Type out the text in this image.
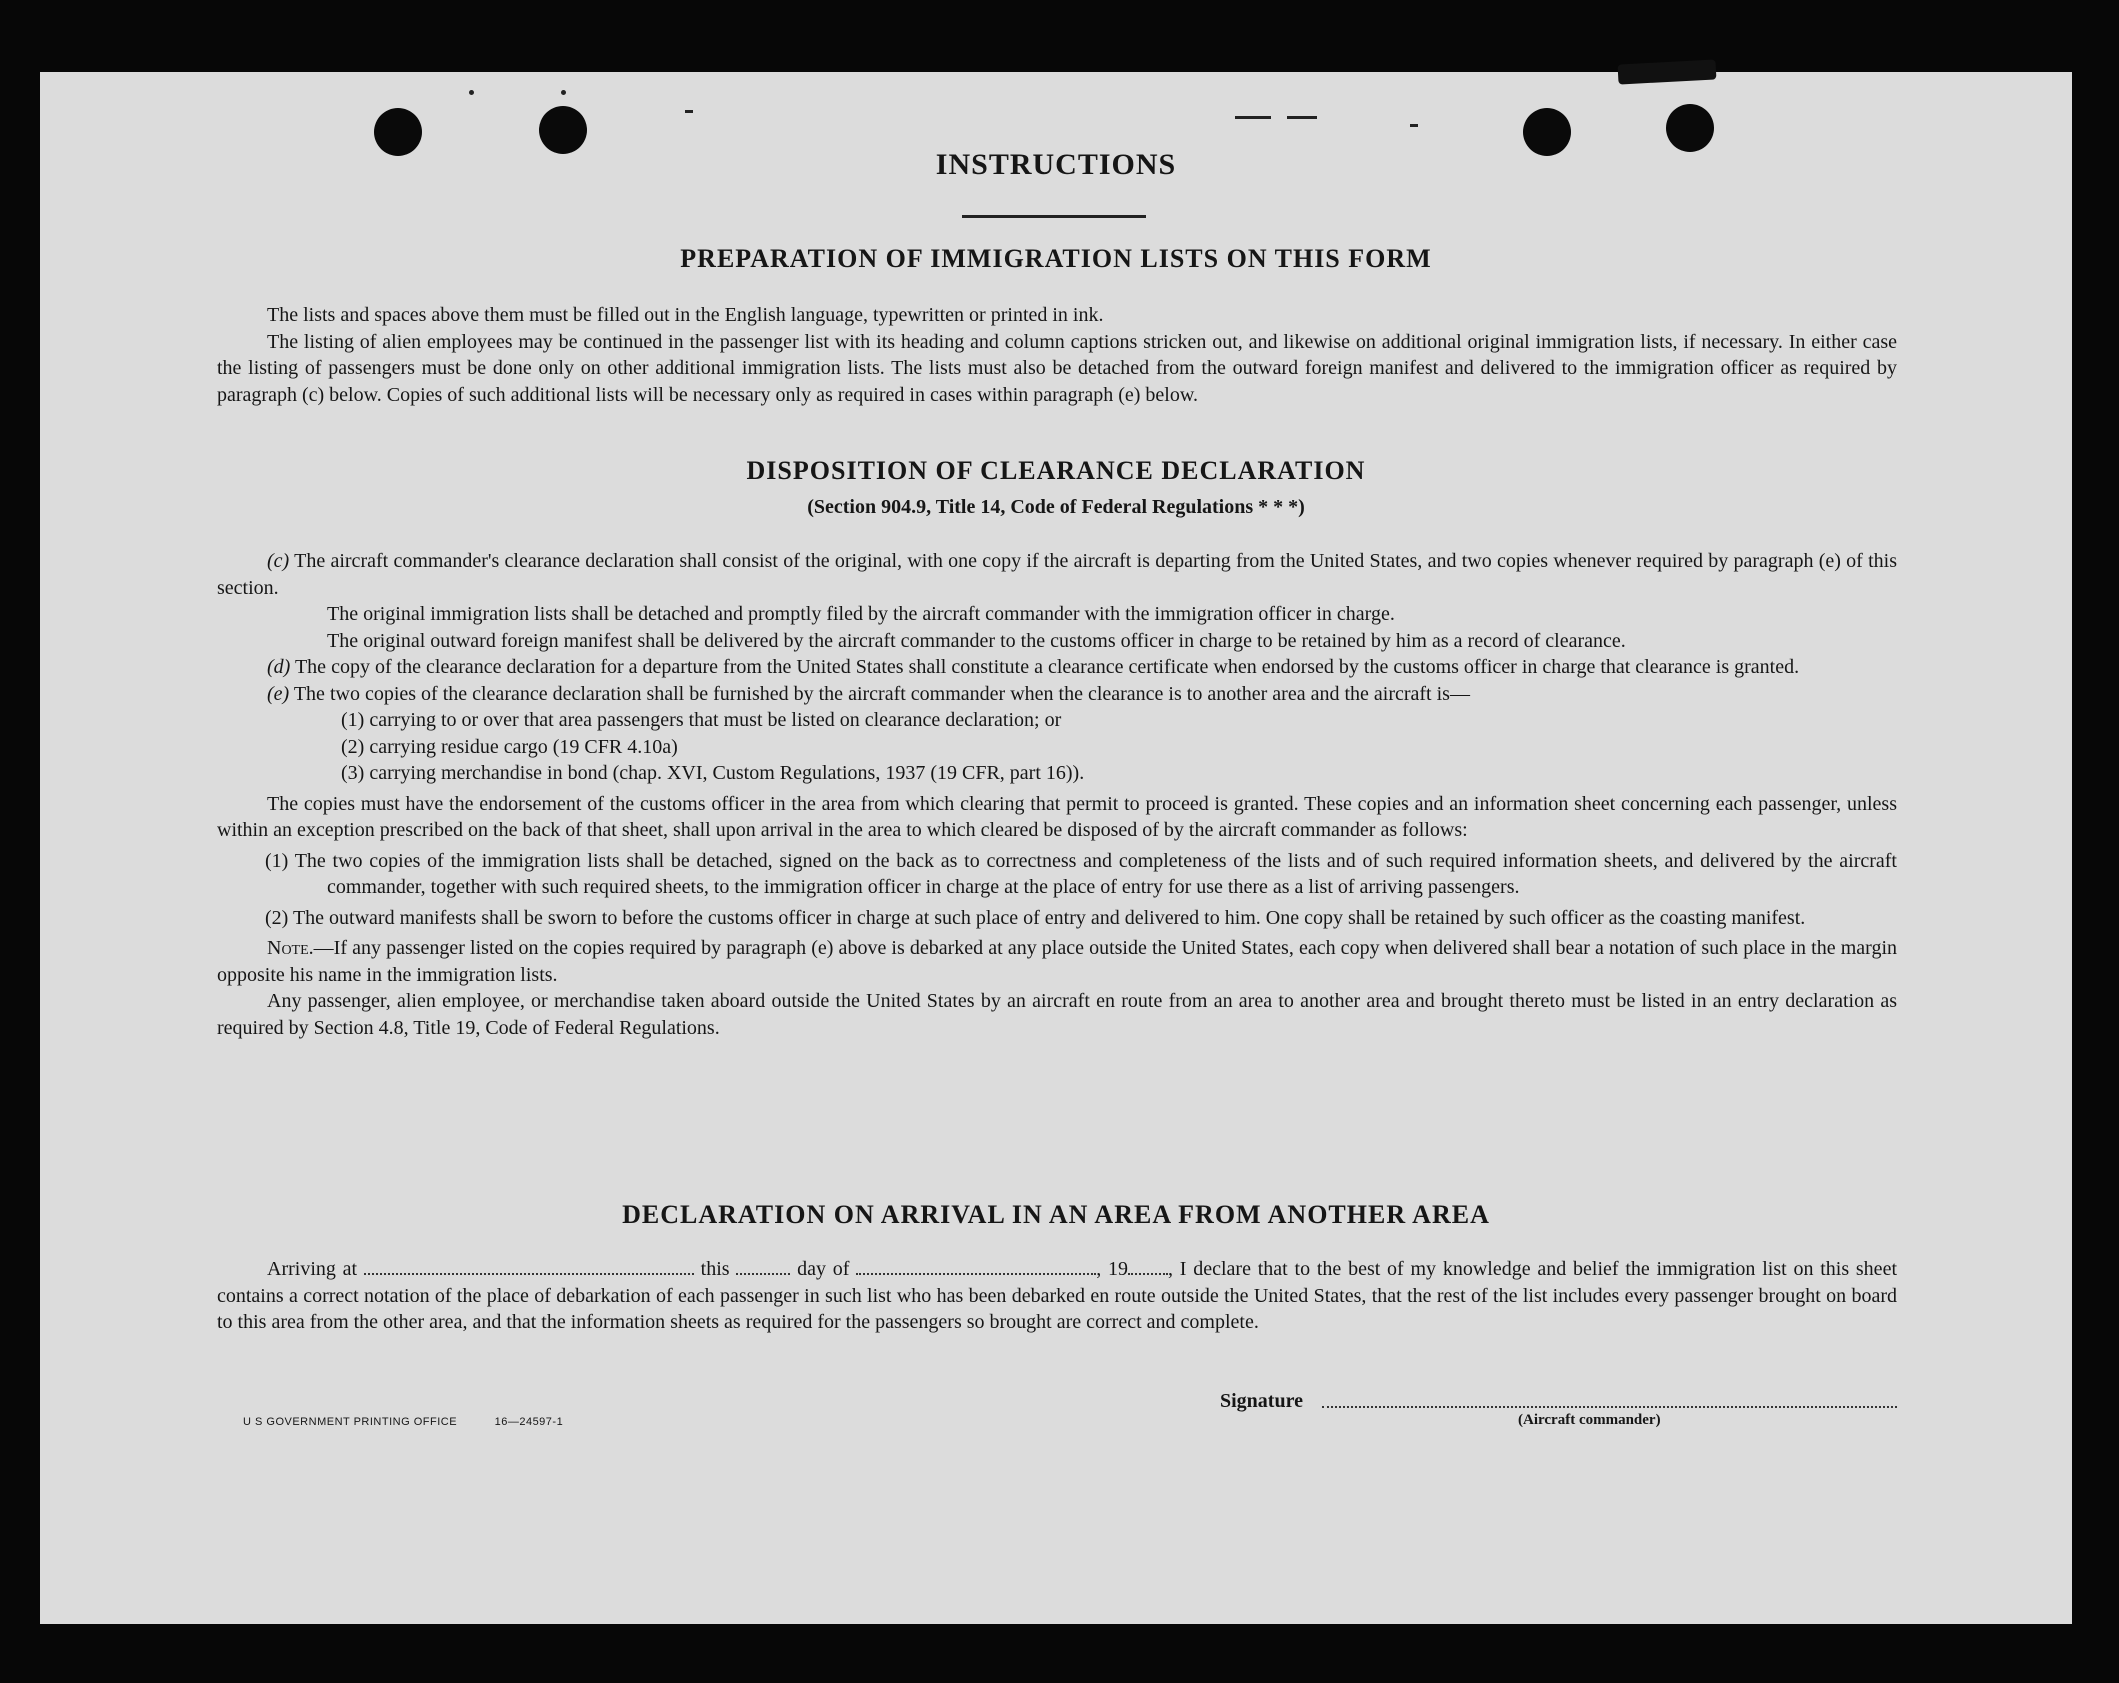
INSTRUCTIONS
PREPARATION OF IMMIGRATION LISTS ON THIS FORM

The lists and spaces above them must be filled out in the English language, typewritten or printed in ink.

The listing of alien employees may be continued in the passenger list with its heading and column captions stricken out, and likewise on additional original immigration lists, if necessary. In either case the listing of passengers must be done only on other additional immigration lists. The lists must also be detached from the outward foreign manifest and delivered to the immigration officer as required by paragraph (c) below. Copies of such additional lists will be necessary only as required in cases within paragraph (e) below.

DISPOSITION OF CLEARANCE DECLARATION
(Section 904.9, Title 14, Code of Federal Regulations * * *)

(c) The aircraft commander's clearance declaration shall consist of the original, with one copy if the aircraft is departing from the United States, and two copies whenever required by paragraph (e) of this section.

The original immigration lists shall be detached and promptly filed by the aircraft commander with the immigration officer in charge.

The original outward foreign manifest shall be delivered by the aircraft commander to the customs officer in charge to be retained by him as a record of clearance.

(d) The copy of the clearance declaration for a departure from the United States shall constitute a clearance certificate when endorsed by the customs officer in charge that clearance is granted.

(e) The two copies of the clearance declaration shall be furnished by the aircraft commander when the clearance is to another area and the aircraft is—

(1) carrying to or over that area passengers that must be listed on clearance declaration; or

(2) carrying residue cargo (19 CFR 4.10a)

(3) carrying merchandise in bond (chap. XVI, Custom Regulations, 1937 (19 CFR, part 16)).

The copies must have the endorsement of the customs officer in the area from which clearing that permit to proceed is granted. These copies and an information sheet concerning each passenger, unless within an exception prescribed on the back of that sheet, shall upon arrival in the area to which cleared be disposed of by the aircraft commander as follows:

(1) The two copies of the immigration lists shall be detached, signed on the back as to correctness and completeness of the lists and of such required information sheets, and delivered by the aircraft commander, together with such required sheets, to the immigration officer in charge at the place of entry for use there as a list of arriving passengers.

(2) The outward manifests shall be sworn to before the customs officer in charge at such place of entry and delivered to him. One copy shall be retained by such officer as the coasting manifest.

Note.—If any passenger listed on the copies required by paragraph (e) above is debarked at any place outside the United States, each copy when delivered shall bear a notation of such place in the margin opposite his name in the immigration lists.

Any passenger, alien employee, or merchandise taken aboard outside the United States by an aircraft en route from an area to another area and brought thereto must be listed in an entry declaration as required by Section 4.8, Title 19, Code of Federal Regulations.

DECLARATION ON ARRIVAL IN AN AREA FROM ANOTHER AREA

Arriving at	this	day of	, 19 , I declare that to the best of my knowledge and belief the immigration list on this sheet contains a correct notation of the place of debarkation of each passenger in such list who has been debarked en route outside the United States, that the rest of the list includes every passenger brought on board to this area from the other area, and that the information sheets as required for the passengers so brought are correct and complete.

Signature
(Aircraft commander)
U S GOVERNMENT PRINTING OFFICE	16—24597-1
